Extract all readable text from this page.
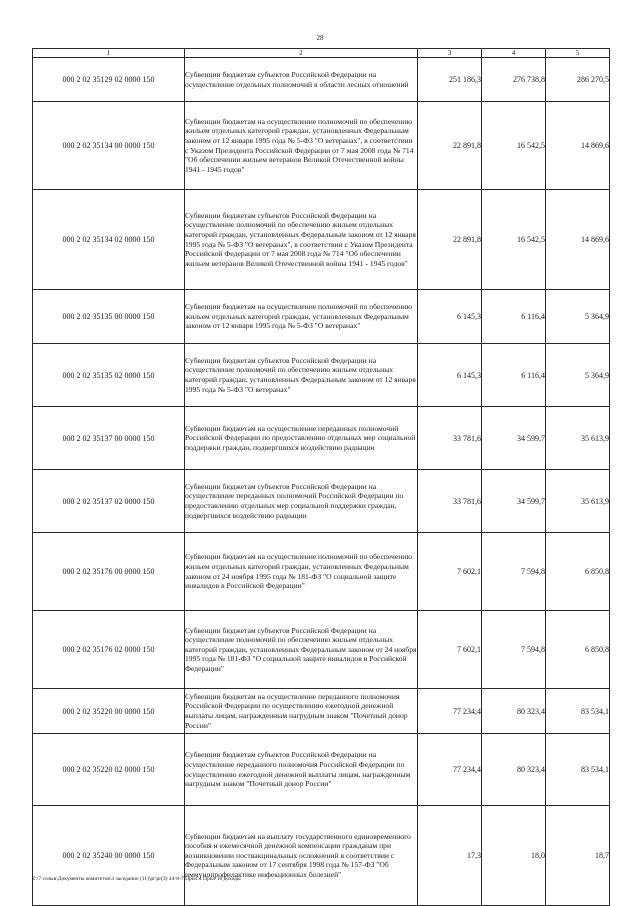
28
1	2	3	4	5
000 2 02 35129 02 0000 150	Субвенции бюджетам субъектов Российской Федерации на осуществление отдельных полномочий в области лесных отношений	251 186,3	276 738,8	286 270,5
000 2 02 35134 00 0000 150	Субвенции бюджетам на осуществление полномочий по обеспечению жильем отдельных категорий граждан, установленных Федеральным законом от 12 января 1995 года № 5-ФЗ "О ветеранах", в соответствии с Указом Президента Российской Федерации от 7 мая 2008 года № 714 "Об обеспечении жильем ветеранов Великой Отечественной войны 1941 - 1945 годов"	22 891,8	16 542,5	14 869,6
000 2 02 35134 02 0000 150	Субвенции бюджетам субъектов Российской Федерации на осуществление полномочий по обеспечению жильем отдельных категорий граждан, установленных Федеральным законом от 12 января 1995 года № 5-ФЗ "О ветеранах", в соответствии с Указом Президента Российской Федерации от 7 мая 2008 года № 714 "Об обеспечении жильем ветеранов Великой Отечественной войны 1941 - 1945 годов"	22 891,8	16 542,5	14 869,6
000 2 02 35135 00 0000 150	Субвенции бюджетам на осуществление полномочий по обеспечению жильем отдельных категорий граждан, установленных Федеральным законом от 12 января 1995 года № 5-ФЗ "О ветеранах"	6 145,3	6 116,4	5 364,9
000 2 02 35135 02 0000 150	Субвенции бюджетам субъектов Российской Федерации на осуществление полномочий по обеспечению жильем отдельных категорий граждан, установленных Федеральным законом от 12 января 1995 года № 5-ФЗ "О ветеранах"	6 145,3	6 116,4	5 364,9
000 2 02 35137 00 0000 150	Субвенции бюджетам на осуществление переданных полномочий Российской Федерации по предоставлению отдельных мер социальной поддержки граждан, подвергшихся воздействию радиации	33 781,6	34 599,7	35 613,9
000 2 02 35137 02 0000 150	Субвенции бюджетам субъектов Российской Федерации на осуществление переданных полномочий Российской Федерации по предоставлению отдельных мер социальной поддержки граждан, подвергшихся воздействию радиации	33 781,6	34 599,7	35 613,9
000 2 02 35176 00 0000 150	Субвенции бюджетам на осуществление полномочий по обеспечению жильем отдельных категорий граждан, установленных Федеральным законом от 24 ноября 1995 года № 181-ФЗ "О социальной защите инвалидов в Российской Федерации"	7 602,1	7 594,8	6 850,8
000 2 02 35176 02 0000 150	Субвенции бюджетам субъектов Российской Федерации на осуществление полномочий по обеспечению жильем отдельных категорий граждан, установленных Федеральным законом от 24 ноября 1995 года № 181-ФЗ "О социальной защите инвалидов в Российской Федерации"	7 602,1	7 594,8	6 850,8
000 2 02 35220 00 0000 150	Субвенции бюджетам на осуществление переданного полномочия Российской Федерации по осуществлению ежегодной денежной выплаты лицам, награжденным нагрудным знаком "Почетный донор России"	77 234,4	80 323,4	83 534,1
000 2 02 35220 02 0000 150	Субвенции бюджетам субъектов Российской Федерации на осуществление переданного полномочия Российской Федерации по осуществлению ежегодной денежной выплаты лицам, награжденным нагрудным знаком "Почетный донор России"	77 234,4	80 323,4	83 534,1
000 2 02 35240 00 0000 150	Субвенции бюджетам на выплату государственного единовременного пособия и ежемесячной денежной компенсации гражданам при возникновении поствакцинальных осложнений в соответствии с Федеральным законом от 17 сентября 1998 года № 157-ФЗ "Об иммунопрофилактике инфекционных болезней"	17,3	18,0	18,7
Z:\7 созыв\Документы комитетов\3 заседание (11)\pr\pr(3) 44-8-7\Прил 4 Прил 10 доходы
